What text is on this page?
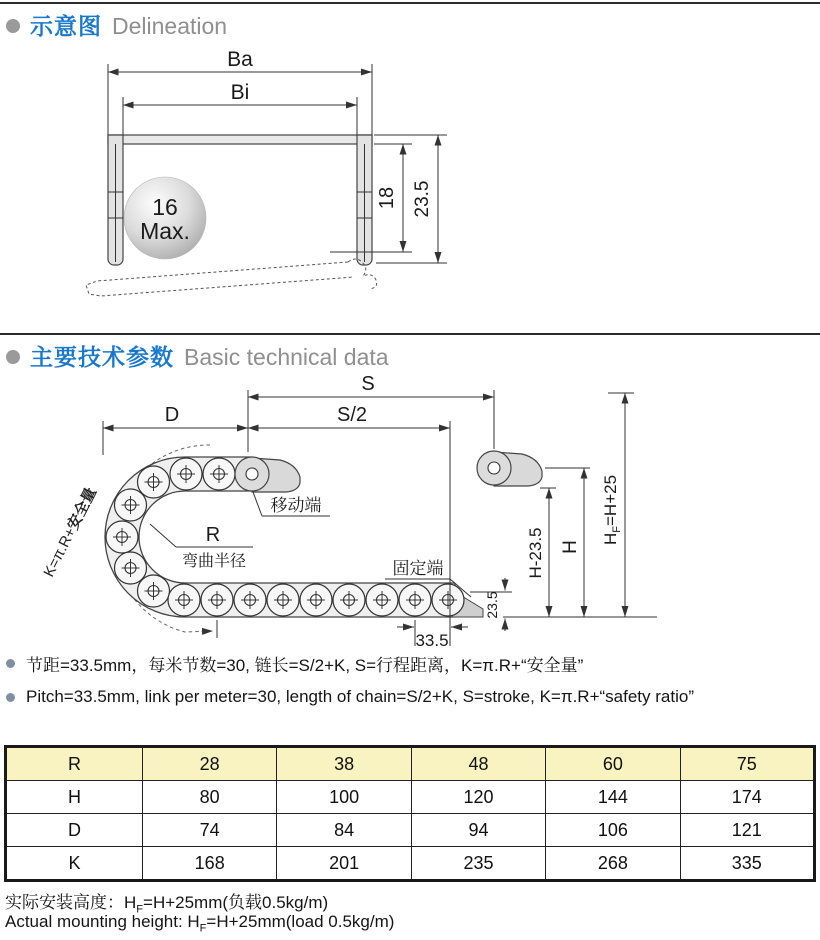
示意图 Delineation
主要技术参数 Basic technical data
Ba
Bi
16
Max.
18 23.5
S
S/2
D
移动端
R
弯曲半径
K=π.R+安全量
固定端
33.5
23.5
H-23.5 H
$H_F=H+25$
节距=33.5mm，每米节数=30, 链长=S/2+K, S=行程距离，K=π.R+“安全量”
Pitch=33.5mm, link per meter=30, length of chain=S/2+K, S=stroke, K=π.R+“safety ratio”
R	28	38	48	60	75
H	80	100	120	144	174
D	74	84	94	106	121
K	168	201	235	268	335
实际安装高度：$H_F=H+25mm$(负载0.5kg/m)
Actual mounting height: $H_F=H+25mm(load$ 0.5kg/m)
